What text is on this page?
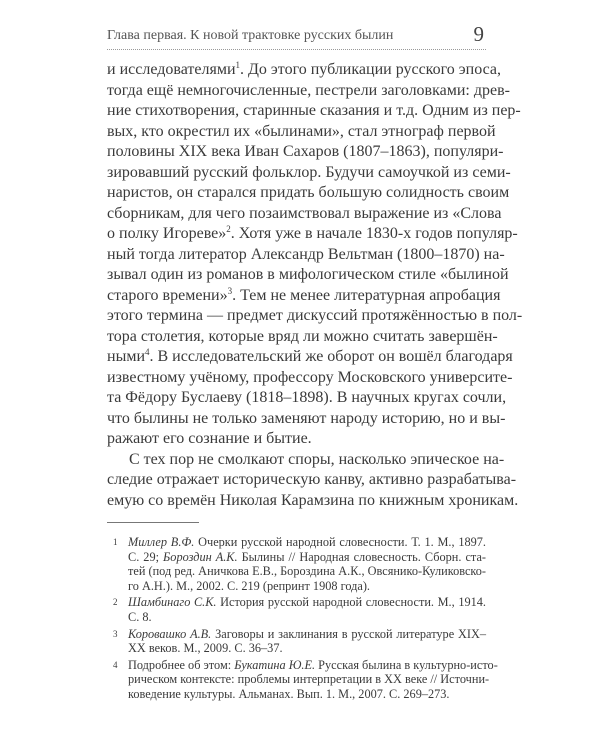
Глава первая. К новой трактовке русских былин	9
и исследователями$^1$. До этого публикации русского эпоса,
тогда ещё немногочисленные, пестрели заголовками: древ-
ние стихотворения, старинные сказания и т.д. Одним из пер-
вых, кто окрестил их «былинами», стал этнограф первой
половины XIX века Иван Сахаров (1807–1863), популяри-
зировавший русский фольклор. Будучи самоучкой из семи-
наристов, он старался придать большую солидность своим
сборникам, для чего позаимствовал выражение из «Слова
о полку Игореве»$^2$. Хотя уже в начале 1830-х годов популяр-
ный тогда литератор Александр Вельтман (1800–1870) на-
зывал один из романов в мифологическом стиле «былиной
старого времени»$^3$. Тем не менее литературная апробация
этого термина — предмет дискуссий протяжённостью в пол-
тора столетия, которые вряд ли можно считать завершён-
ными$^4$. В исследовательский же оборот он вошёл благодаря
известному учёному, профессору Московского университе-
та Фёдору Буслаеву (1818–1898). В научных кругах сочли,
что былины не только заменяют народу историю, но и вы-
ражают его сознание и бытие.
С тех пор не смолкают споры, насколько эпическое на-
следие отражает историческую канву, активно разрабатыва-
емую со времён Николая Карамзина по книжным хроникам.
1 Миллер В.Ф. Очерки русской народной словесности. Т. 1. М., 1897.
С. 29; Бороздин А.К. Былины // Народная словесность. Сборн. ста-
тей (под ред. Аничкова Е.В., Бороздина А.К., Овсянико-Куликовско-
го А.Н.). М., 2002. С. 219 (репринт 1908 года).
2 Шамбинаго С.К. История русской народной словесности. М., 1914.
С. 8.
3 Коровашко А.В. Заговоры и заклинания в русской литературе XIX–
XX веков. М., 2009. С. 36–37.
4 Подробнее об этом: Букатина Ю.Е. Русская былина в культурно-исто-
рическом контексте: проблемы интерпретации в XX веке // Источни-
коведение культуры. Альманах. Вып. 1. М., 2007. С. 269–273.
